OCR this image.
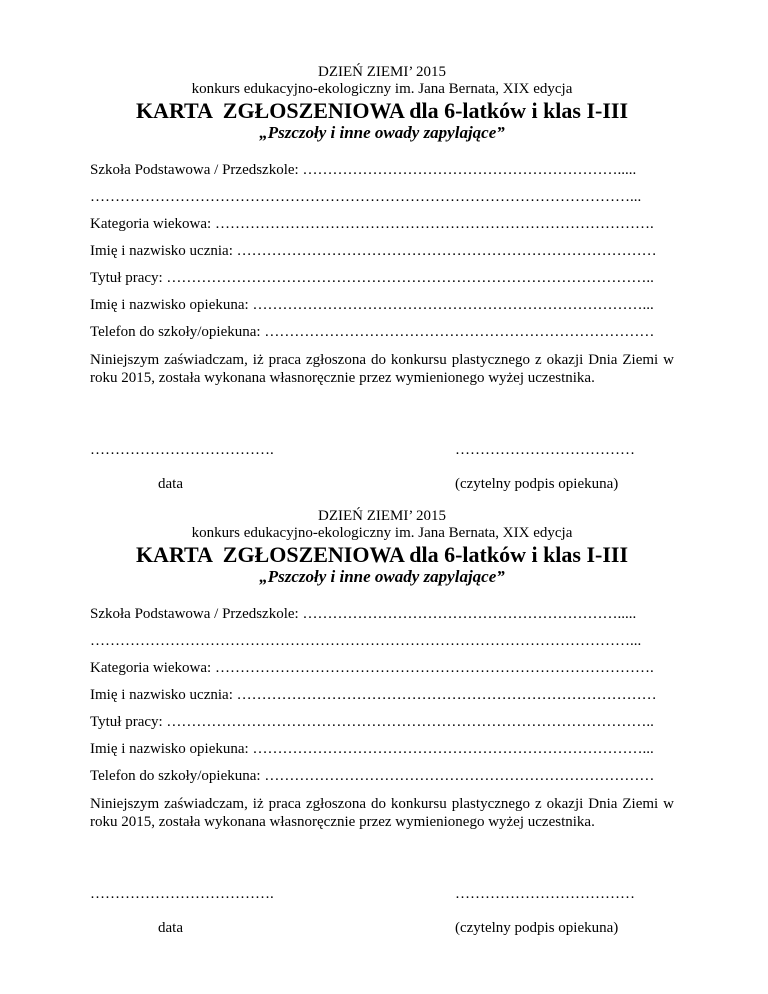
DZIEŃ ZIEMI’ 2015
konkurs edukacyjno-ekologiczny im. Jana Bernata, XIX edycja
KARTA  ZGŁOSZENIOWA dla 6-latków i klas I-III
„Pszczoły i inne owady zapylające”
Szkoła Podstawowa / Przedszkole: ……………………………………………………….....
………………………………………………………………………………………………...
Kategoria wiekowa: …………………………………………………………………………….
Imię i nazwisko ucznia: …………………………………………………………………………
Tytuł pracy: ……………………………………………………………………………………..
Imię i nazwisko opiekuna: ……………………………………………………………………...
Telefon do szkoły/opiekuna: ……………………………………………………………………
Niniejszym zaświadczam, iż praca zgłoszona do konkursu plastycznego z okazji Dnia Ziemi w roku 2015, została wykonana własnoręcznie przez wymienionego wyżej uczestnika.
……………………………….	………………………………
data	(czytelny podpis opiekuna)
DZIEŃ ZIEMI’ 2015
konkurs edukacyjno-ekologiczny im. Jana Bernata, XIX edycja
KARTA  ZGŁOSZENIOWA dla 6-latków i klas I-III
„Pszczoły i inne owady zapylające”
Szkoła Podstawowa / Przedszkole: ……………………………………………………….....
………………………………………………………………………………………………...
Kategoria wiekowa: …………………………………………………………………………….
Imię i nazwisko ucznia: …………………………………………………………………………
Tytuł pracy: ……………………………………………………………………………………..
Imię i nazwisko opiekuna: ……………………………………………………………………...
Telefon do szkoły/opiekuna: ……………………………………………………………………
Niniejszym zaświadczam, iż praca zgłoszona do konkursu plastycznego z okazji Dnia Ziemi w roku 2015, została wykonana własnoręcznie przez wymienionego wyżej uczestnika.
……………………………….	………………………………
data	(czytelny podpis opiekuna)
